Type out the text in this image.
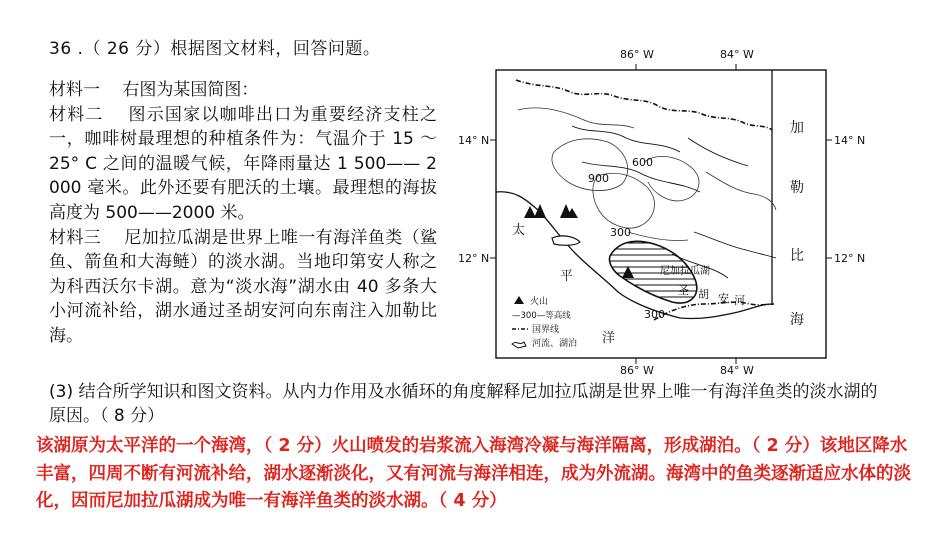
36 .（ 26 分）根据图文材料，回答问题。

材料一　 右图为某国简图：

材料二　 图示国家以咖啡出口为重要经济支柱之一，咖啡树最理想的种植条件为：气温介于 15 ～25° C 之间的温暖气候，年降雨量达 1 500—— 2 000 毫米。此外还要有肥沃的土壤。最理想的海拔高度为 500——2000 米。

材料三　 尼加拉瓜湖是世界上唯一有海洋鱼类（鲨鱼、箭鱼和大海鲢）的淡水湖。当地印第安人称之为科西沃尔卡湖。意为“淡水海”湖水由 40 多条大小河流补给，湖水通过圣胡安河向东南注入加勒比海。

86° W	84° W
86° W	84° W
14° N
12° N
14° N
12° N
900
600
300
300
尼加拉瓜湖
圣 胡 安 河
加
勒
比
海
太
平
洋
火山
—300—等高线
国界线
河流、湖泊
(3) 结合所学知识和图文资料。从内力作用及水循环的角度解释尼加拉瓜湖是世界上唯一有海洋鱼类的淡水湖的原因。（ 8 分）
该湖原为太平洋的一个海湾，（ 2 分）火山喷发的岩浆流入海湾冷凝与海洋隔离，形成湖泊。（ 2 分）该地区降水丰富，四周不断有河流补给，湖水逐渐淡化，又有河流与海洋相连，成为外流湖。海湾中的鱼类逐渐适应水体的淡化，因而尼加拉瓜湖成为唯一有海洋鱼类的淡水湖。（ 4 分）
